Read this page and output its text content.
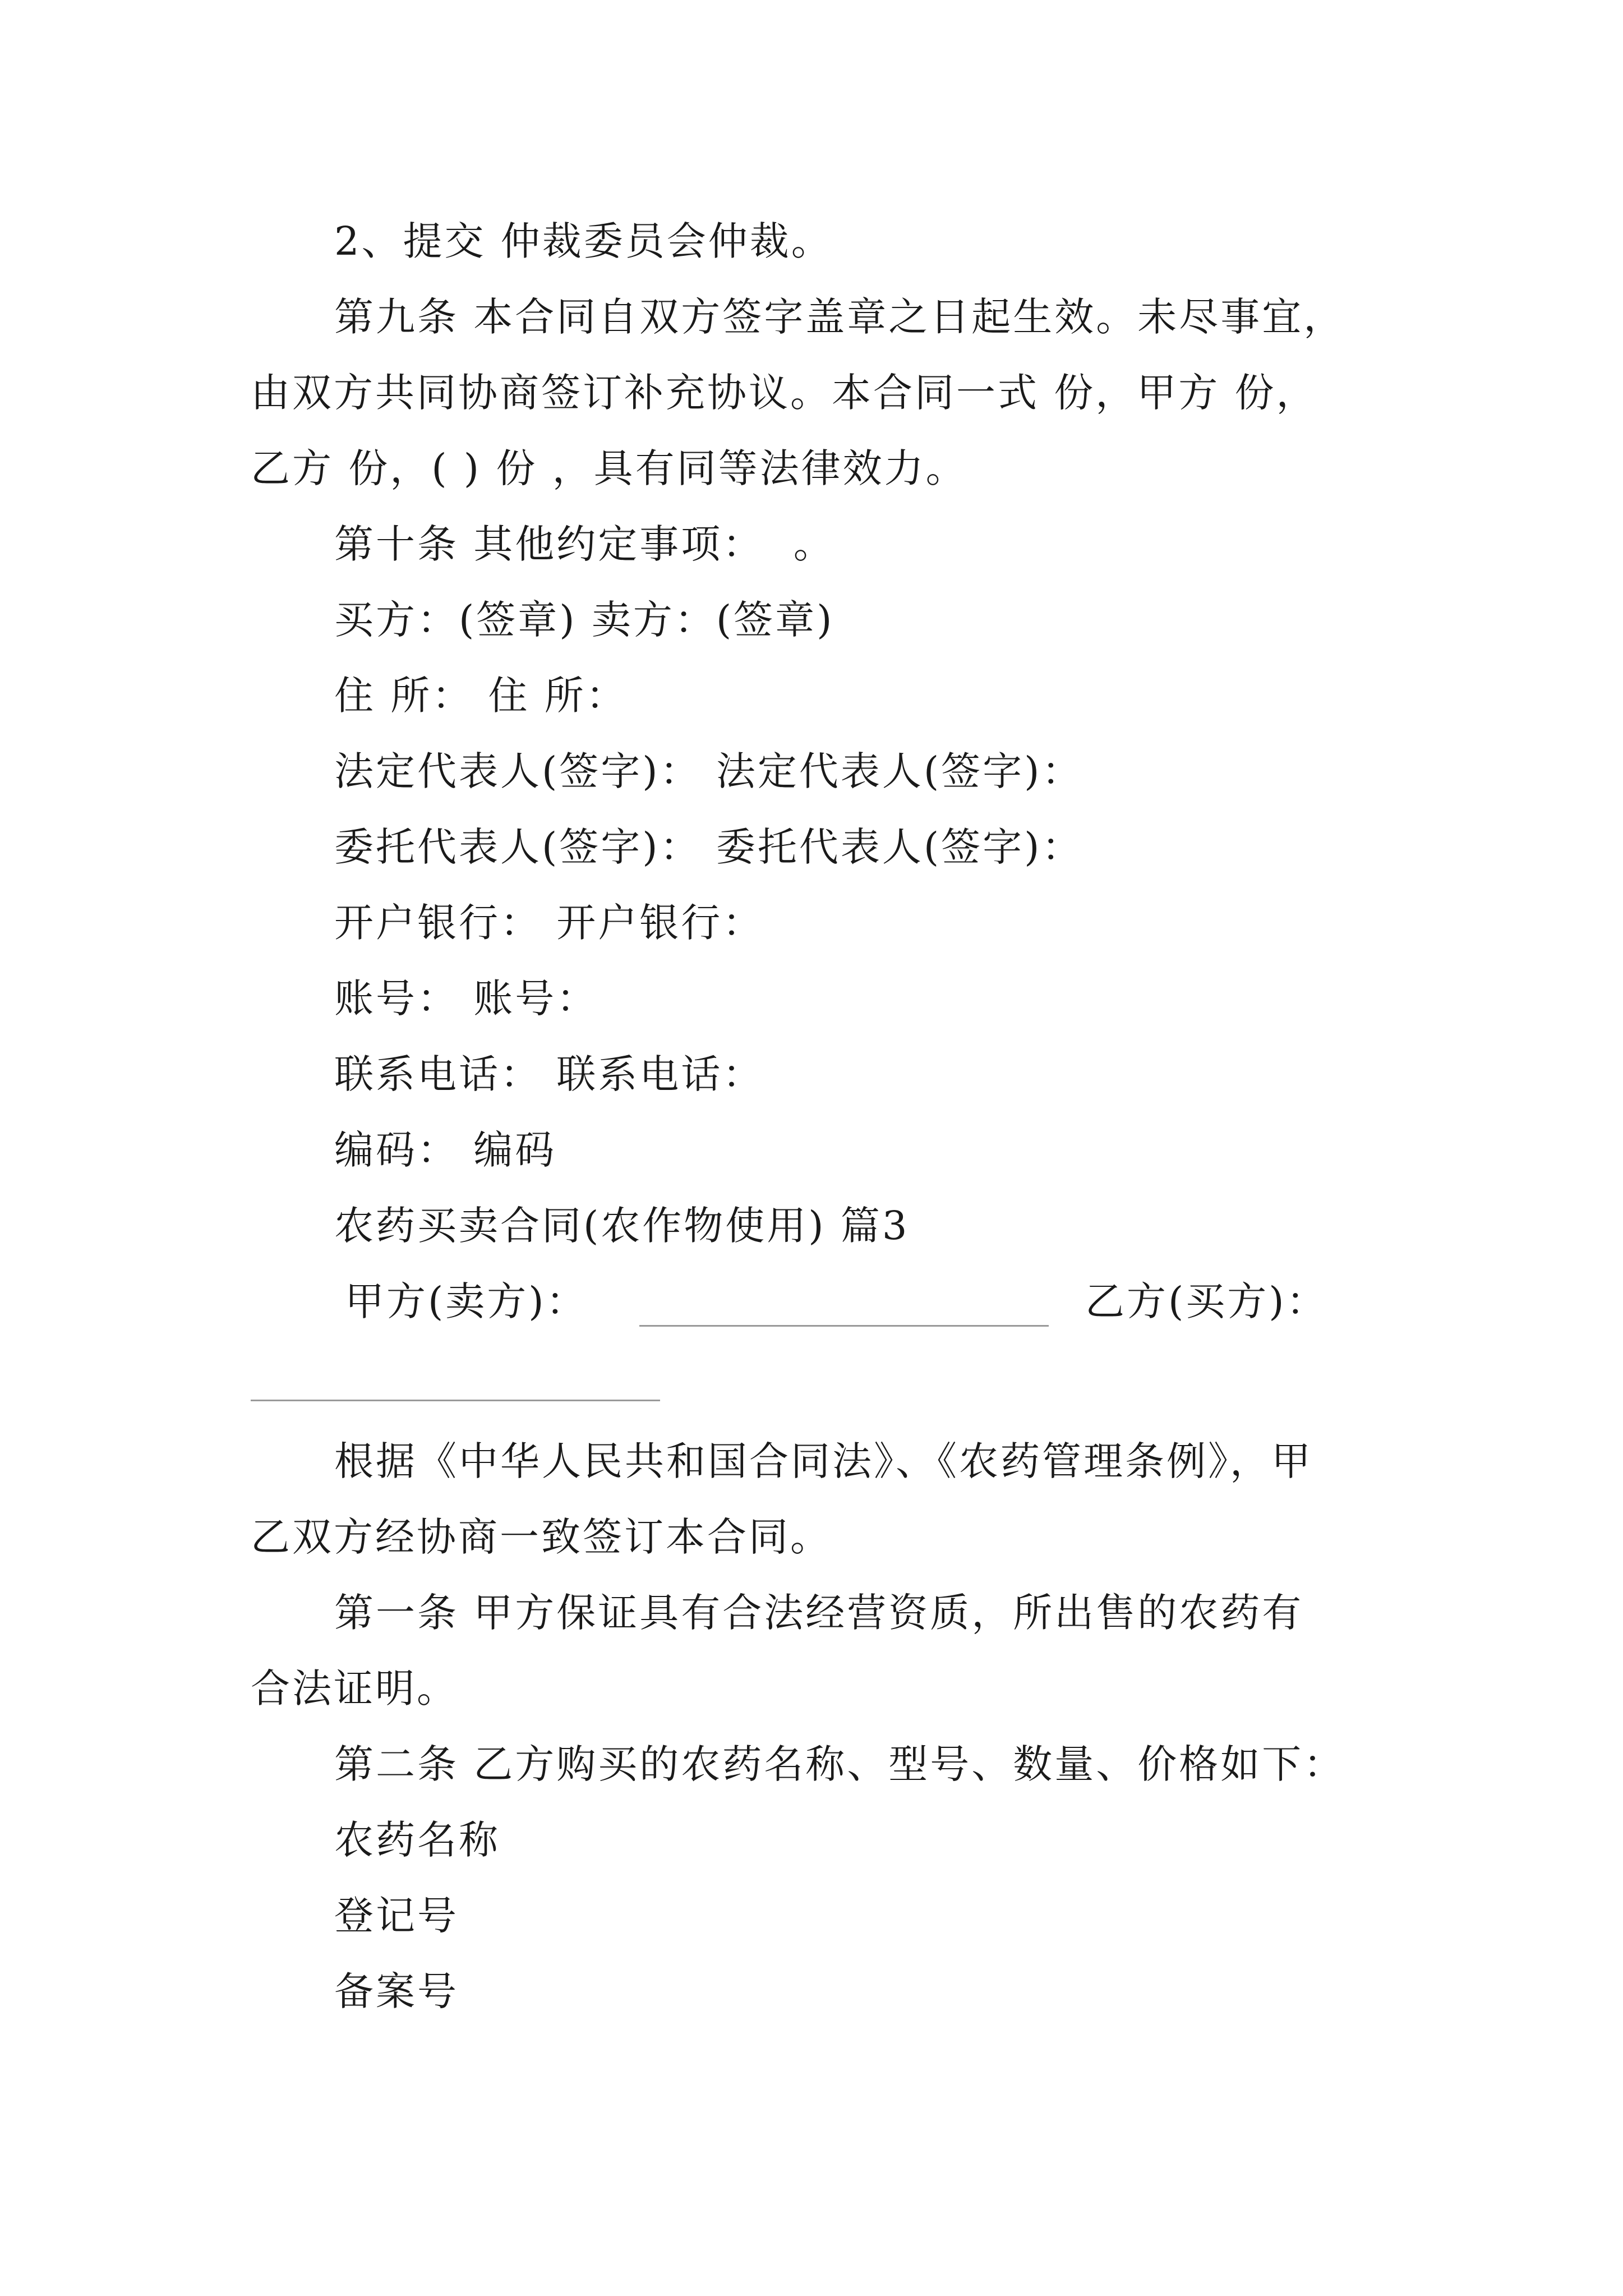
2、提交 仲裁委员会仲裁。
第九条 本合同自双方签字盖章之日起生效。未尽事宜，
由双方共同协商签订补充协议。本合同一式 份，甲方 份，
乙方 份，( ) 份 ，具有同等法律效力。
第十条 其他约定事项：  。
买方：(签章) 卖方：(签章)
住 所： 住 所：
法定代表人(签字)： 法定代表人(签字)：
委托代表人(签字)： 委托代表人(签字)：
开户银行： 开户银行：
账号： 账号：
联系电话： 联系电话：
编码： 编码
农药买卖合同(农作物使用) 篇3
甲方(卖方)：	乙方(买方)：
根据《中华人民共和国合同法》、《农药管理条例》，甲
乙双方经协商一致签订本合同。
第一条 甲方保证具有合法经营资质，所出售的农药有
合法证明。
第二条 乙方购买的农药名称、型号、数量、价格如下：
农药名称
登记号
备案号
